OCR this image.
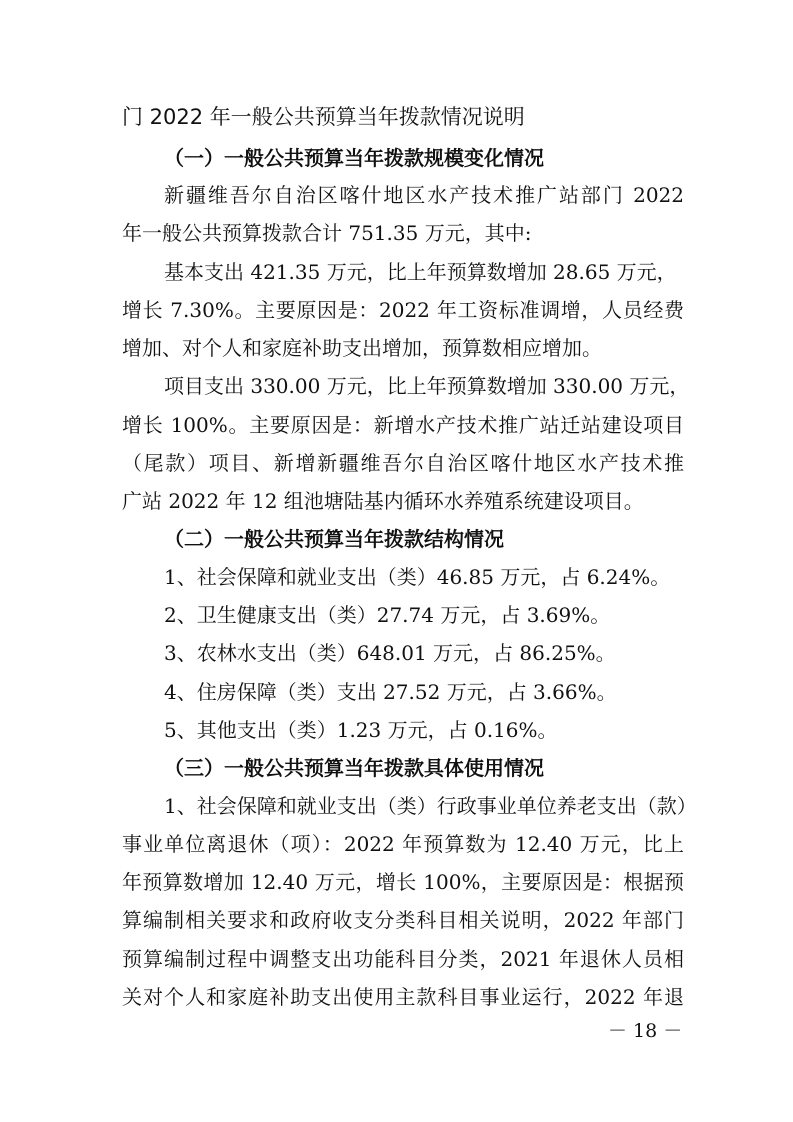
门 2022 年一般公共预算当年拨款情况说明
（一）一般公共预算当年拨款规模变化情况
新疆维吾尔自治区喀什地区水产技术推广站部门 2022
年一般公共预算拨款合计 751.35 万元，其中:
基本支出 421.35 万元，比上年预算数增加 28.65 万元，
增长 7.30%。主要原因是：2022 年工资标准调增，人员经费
增加、对个人和家庭补助支出增加，预算数相应增加。
项目支出 330.00 万元，比上年预算数增加 330.00 万元，
增长 100%。主要原因是：新增水产技术推广站迁站建设项目
（尾款）项目、新增新疆维吾尔自治区喀什地区水产技术推
广站 2022 年 12 组池塘陆基内循环水养殖系统建设项目。
（二）一般公共预算当年拨款结构情况
1、社会保障和就业支出（类）46.85 万元，占 6.24%。
2、卫生健康支出（类）27.74 万元，占 3.69%。
3、农林水支出（类）648.01 万元，占 86.25%。
4、住房保障（类）支出 27.52 万元，占 3.66%。
5、其他支出（类）1.23 万元，占 0.16%。
（三）一般公共预算当年拨款具体使用情况
1、社会保障和就业支出（类）行政事业单位养老支出（款）
事业单位离退休（项）：2022 年预算数为 12.40 万元，比上
年预算数增加 12.40 万元，增长 100%，主要原因是：根据预
算编制相关要求和政府收支分类科目相关说明，2022 年部门
预算编制过程中调整支出功能科目分类，2021 年退休人员相
关对个人和家庭补助支出使用主款科目事业运行，2022 年退
－ 18 －
